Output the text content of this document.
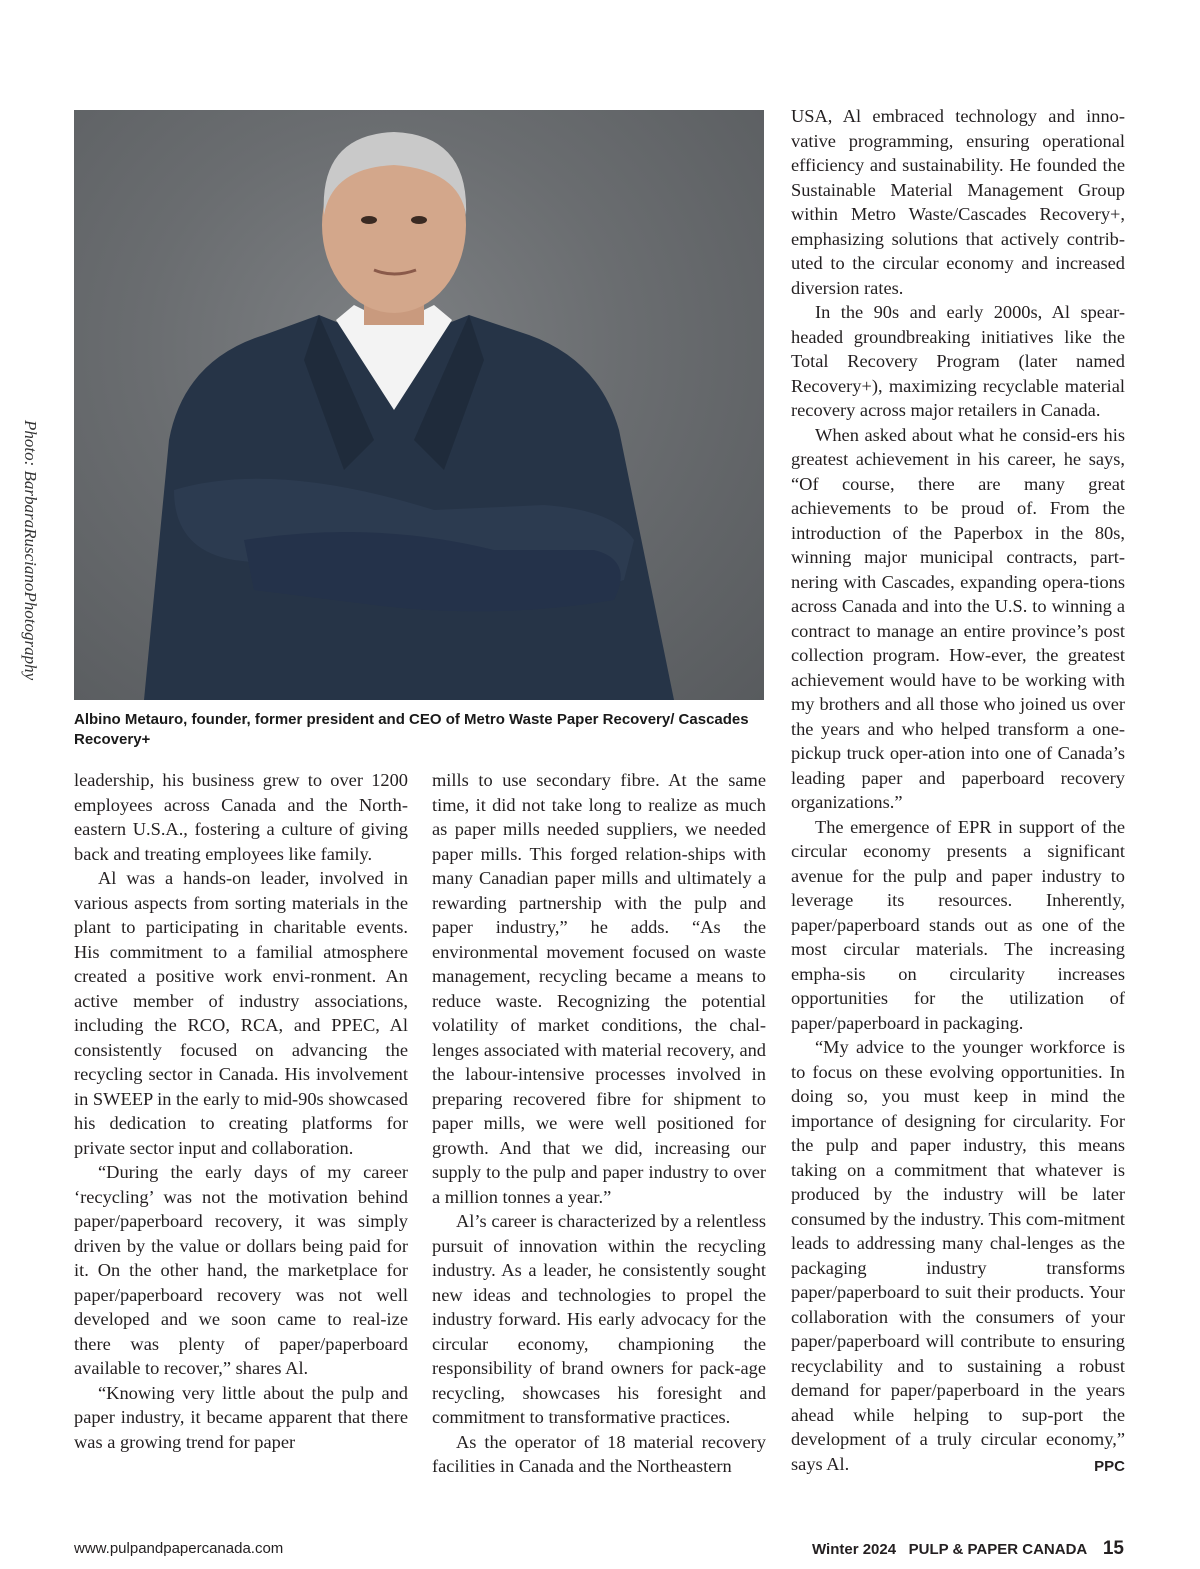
Photo: BarbaraRuscianoPhotography
Albino Metauro, founder, former president and CEO of Metro Waste Paper Recovery/ Cascades Recovery+

leadership, his business grew to over 1200 employees across Canada and the North-eastern U.S.A., fostering a culture of giving back and treating employees like family.

Al was a hands-on leader, involved in various aspects from sorting materials in the plant to participating in charitable events. His commitment to a familial atmosphere created a positive work envi-ronment. An active member of industry associations, including the RCO, RCA, and PPEC, Al consistently focused on advancing the recycling sector in Canada. His involvement in SWEEP in the early to mid-90s showcased his dedication to creating platforms for private sector input and collaboration.

“During the early days of my career ‘recycling’ was not the motivation behind paper/paperboard recovery, it was simply driven by the value or dollars being paid for it. On the other hand, the marketplace for paper/paperboard recovery was not well developed and we soon came to real-ize there was plenty of paper/paperboard available to recover,” shares Al.

“Knowing very little about the pulp and paper industry, it became apparent that there was a growing trend for paper

mills to use secondary fibre. At the same time, it did not take long to realize as much as paper mills needed suppliers, we needed paper mills. This forged relation-ships with many Canadian paper mills and ultimately a rewarding partnership with the pulp and paper industry,” he adds. “As the environmental movement focused on waste management, recycling became a means to reduce waste. Recognizing the potential volatility of market conditions, the chal-lenges associated with material recovery, and the labour-intensive processes involved in preparing recovered fibre for shipment to paper mills, we were well positioned for growth. And that we did, increasing our supply to the pulp and paper industry to over a million tonnes a year.”

Al’s career is characterized by a relentless pursuit of innovation within the recycling industry. As a leader, he consistently sought new ideas and technologies to propel the industry forward. His early advocacy for the circular economy, championing the responsibility of brand owners for pack-age recycling, showcases his foresight and commitment to transformative practices.

As the operator of 18 material recovery facilities in Canada and the Northeastern

USA, Al embraced technology and inno-vative programming, ensuring operational efficiency and sustainability. He founded the Sustainable Material Management Group within Metro Waste/Cascades Recovery+, emphasizing solutions that actively contrib-uted to the circular economy and increased diversion rates.

In the 90s and early 2000s, Al spear-headed groundbreaking initiatives like the Total Recovery Program (later named Recovery+), maximizing recyclable material recovery across major retailers in Canada.

When asked about what he consid-ers his greatest achievement in his career, he says, “Of course, there are many great achievements to be proud of. From the introduction of the Paperbox in the 80s, winning major municipal contracts, part-nering with Cascades, expanding opera-tions across Canada and into the U.S. to winning a contract to manage an entire province’s post collection program. How-ever, the greatest achievement would have to be working with my brothers and all those who joined us over the years and who helped transform a one-pickup truck oper-ation into one of Canada’s leading paper and paperboard recovery organizations.”

The emergence of EPR in support of the circular economy presents a significant avenue for the pulp and paper industry to leverage its resources. Inherently, paper/paperboard stands out as one of the most circular materials. The increasing empha-sis on circularity increases opportunities for the utilization of paper/paperboard in packaging.

“My advice to the younger workforce is to focus on these evolving opportunities. In doing so, you must keep in mind the importance of designing for circularity. For the pulp and paper industry, this means taking on a commitment that whatever is produced by the industry will be later consumed by the industry. This com-mitment leads to addressing many chal-lenges as the packaging industry transforms paper/paperboard to suit their products. Your collaboration with the consumers of your paper/paperboard will contribute to ensuring recyclability and to sustaining a robust demand for paper/paperboard in the years ahead while helping to sup-port the development of a truly circular economy,” says Al.	PPC

www.pulpandpapercanada.com	Winter 2024 PULP & PAPER CANADA 15
